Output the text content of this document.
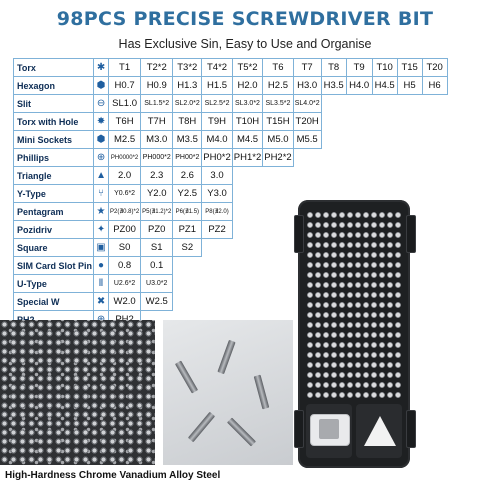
98PCS PRECISE SCREWDRIVER BIT
Has Exclusive Sin, Easy to Use and Organise
Torx	✱	T1	T2*2	T3*2	T4*2	T5*2	T6	T7	T8	T9	T10	T15	T20
Hexagon	⬢	H0.7	H0.9	H1.3	H1.5	H2.0	H2.5	H3.0	H3.5	H4.0	H4.5	H5	H6
Slit	⊖	SL1.0	SL1.5*2	SL2.0*2	SL2.5*2	SL3.0*2	SL3.5*2	SL4.0*2					
Torx with Hole	✸	T6H	T7H	T8H	T9H	T10H	T15H	T20H					
Mini Sockets	⬢	M2.5	M3.0	M3.5	M4.0	M4.5	M5.0	M5.5					
Phillips	⊕	PH0000*2	PH000*2	PH00*2	PH0*2	PH1*2	PH2*2						
Triangle	▲	2.0	2.3	2.6	3.0								
Y-Type	⑂	Y0.6*2	Y2.0	Y2.5	Y3.0								
Pentagram	★	P2(∄0.8)*2	P5(∄1.2)*2	P6(∄1.5)	P8(∄2.0)								
Pozidriv	✦	PZ00	PZ0	PZ1	PZ2								
Square	▣	S0	S1	S2									
SIM Card Slot Pin	●	0.8	0.1										
U-Type	Ⅱ	U2.6*2	U3.0*2										
Special W	✖	W2.0	W2.5										

High-Hardness Chrome Vanadium Alloy Steel
